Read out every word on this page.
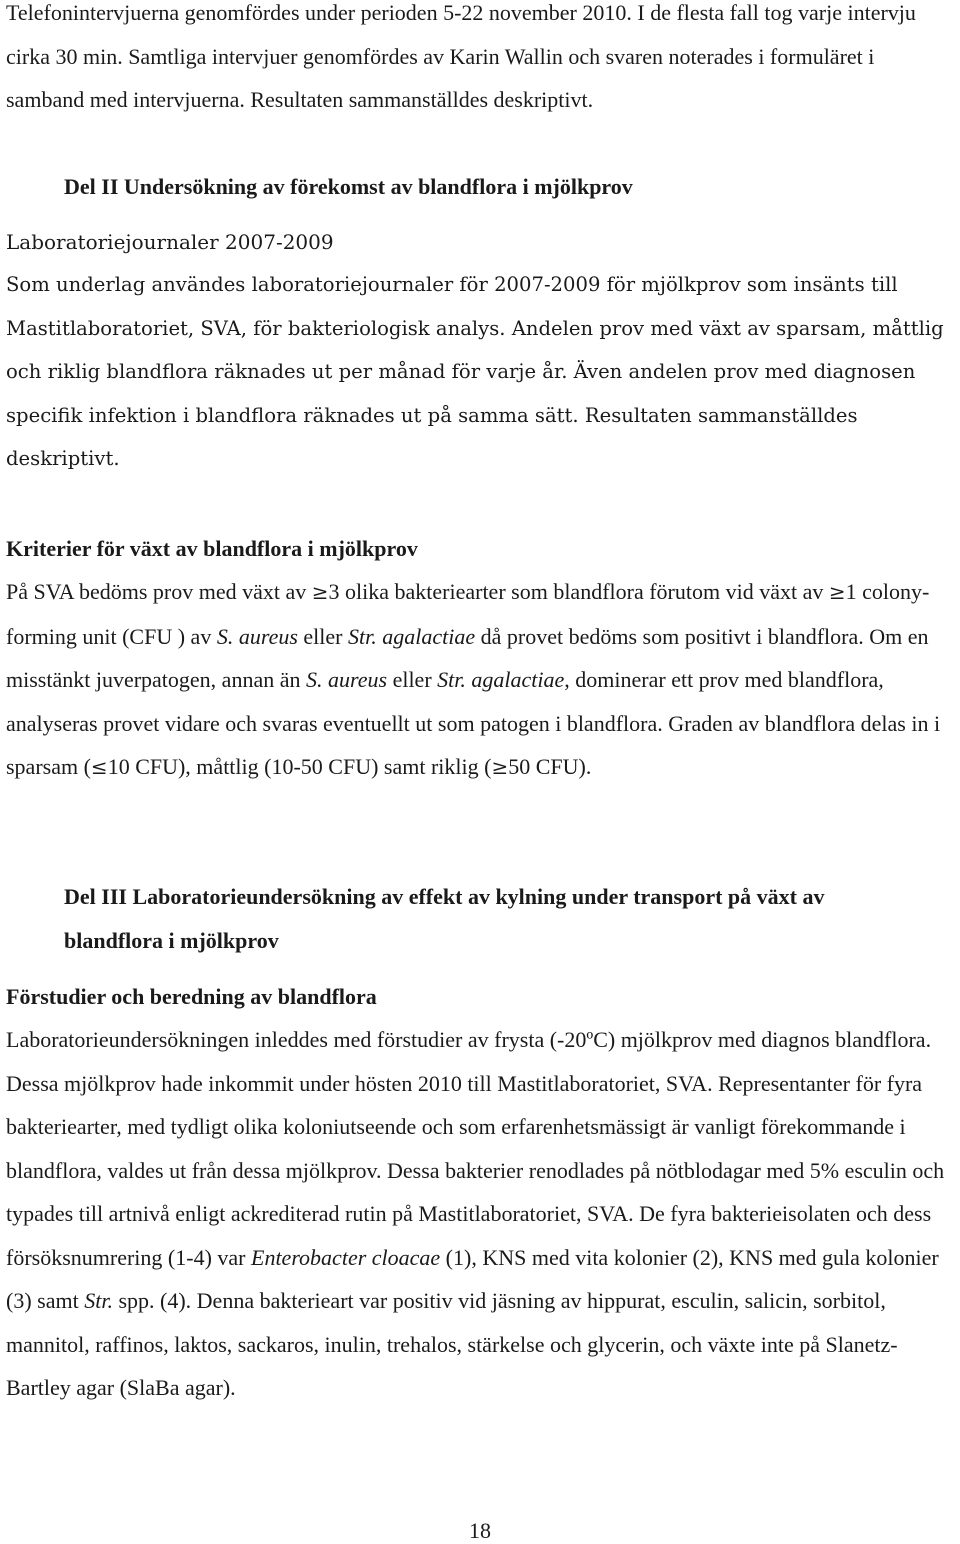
Telefonintervjuerna genomfördes under perioden 5-22 november 2010. I de flesta fall tog varje intervju cirka 30 min. Samtliga intervjuer genomfördes av Karin Wallin och svaren noterades i formuläret i samband med intervjuerna. Resultaten sammanställdes deskriptivt.

Del II Undersökning av förekomst av blandflora i mjölkprov
Laboratoriejournaler 2007-2009

Som underlag användes laboratoriejournaler för 2007-2009 för mjölkprov som insänts till Mastitlaboratoriet, SVA, för bakteriologisk analys. Andelen prov med växt av sparsam, måttlig och riklig blandflora räknades ut per månad för varje år. Även andelen prov med diagnosen specifik infektion i blandflora räknades ut på samma sätt. Resultaten sammanställdes deskriptivt.

Kriterier för växt av blandflora i mjölkprov

På SVA bedöms prov med växt av ≥3 olika bakteriearter som blandflora förutom vid växt av ≥1 colony-forming unit (CFU ) av S. aureus eller Str. agalactiae då provet bedöms som positivt i blandflora. Om en misstänkt juverpatogen, annan än S. aureus eller Str. agalactiae, dominerar ett prov med blandflora, analyseras provet vidare och svaras eventuellt ut som patogen i blandflora. Graden av blandflora delas in i sparsam (≤10 CFU), måttlig (10-50 CFU) samt riklig (≥50 CFU).

Del III Laboratorieundersökning av effekt av kylning under transport på växt av
blandflora i mjölkprov
Förstudier och beredning av blandflora

Laboratorieundersökningen inleddes med förstudier av frysta (-20ºC) mjölkprov med diagnos blandflora. Dessa mjölkprov hade inkommit under hösten 2010 till Mastitlaboratoriet, SVA. Representanter för fyra bakteriearter, med tydligt olika koloniutseende och som erfarenhetsmässigt är vanligt förekommande i blandflora, valdes ut från dessa mjölkprov. Dessa bakterier renodlades på nötblodagar med 5% esculin och typades till artnivå enligt ackrediterad rutin på Mastitlaboratoriet, SVA. De fyra bakterieisolaten och dess försöksnumrering (1-4) var Enterobacter cloacae (1), KNS med vita kolonier (2), KNS med gula kolonier (3) samt Str. spp. (4). Denna bakterieart var positiv vid jäsning av hippurat, esculin, salicin, sorbitol, mannitol, raffinos, laktos, sackaros, inulin, trehalos, stärkelse och glycerin, och växte inte på Slanetz-Bartley agar (SlaBa agar).

18
